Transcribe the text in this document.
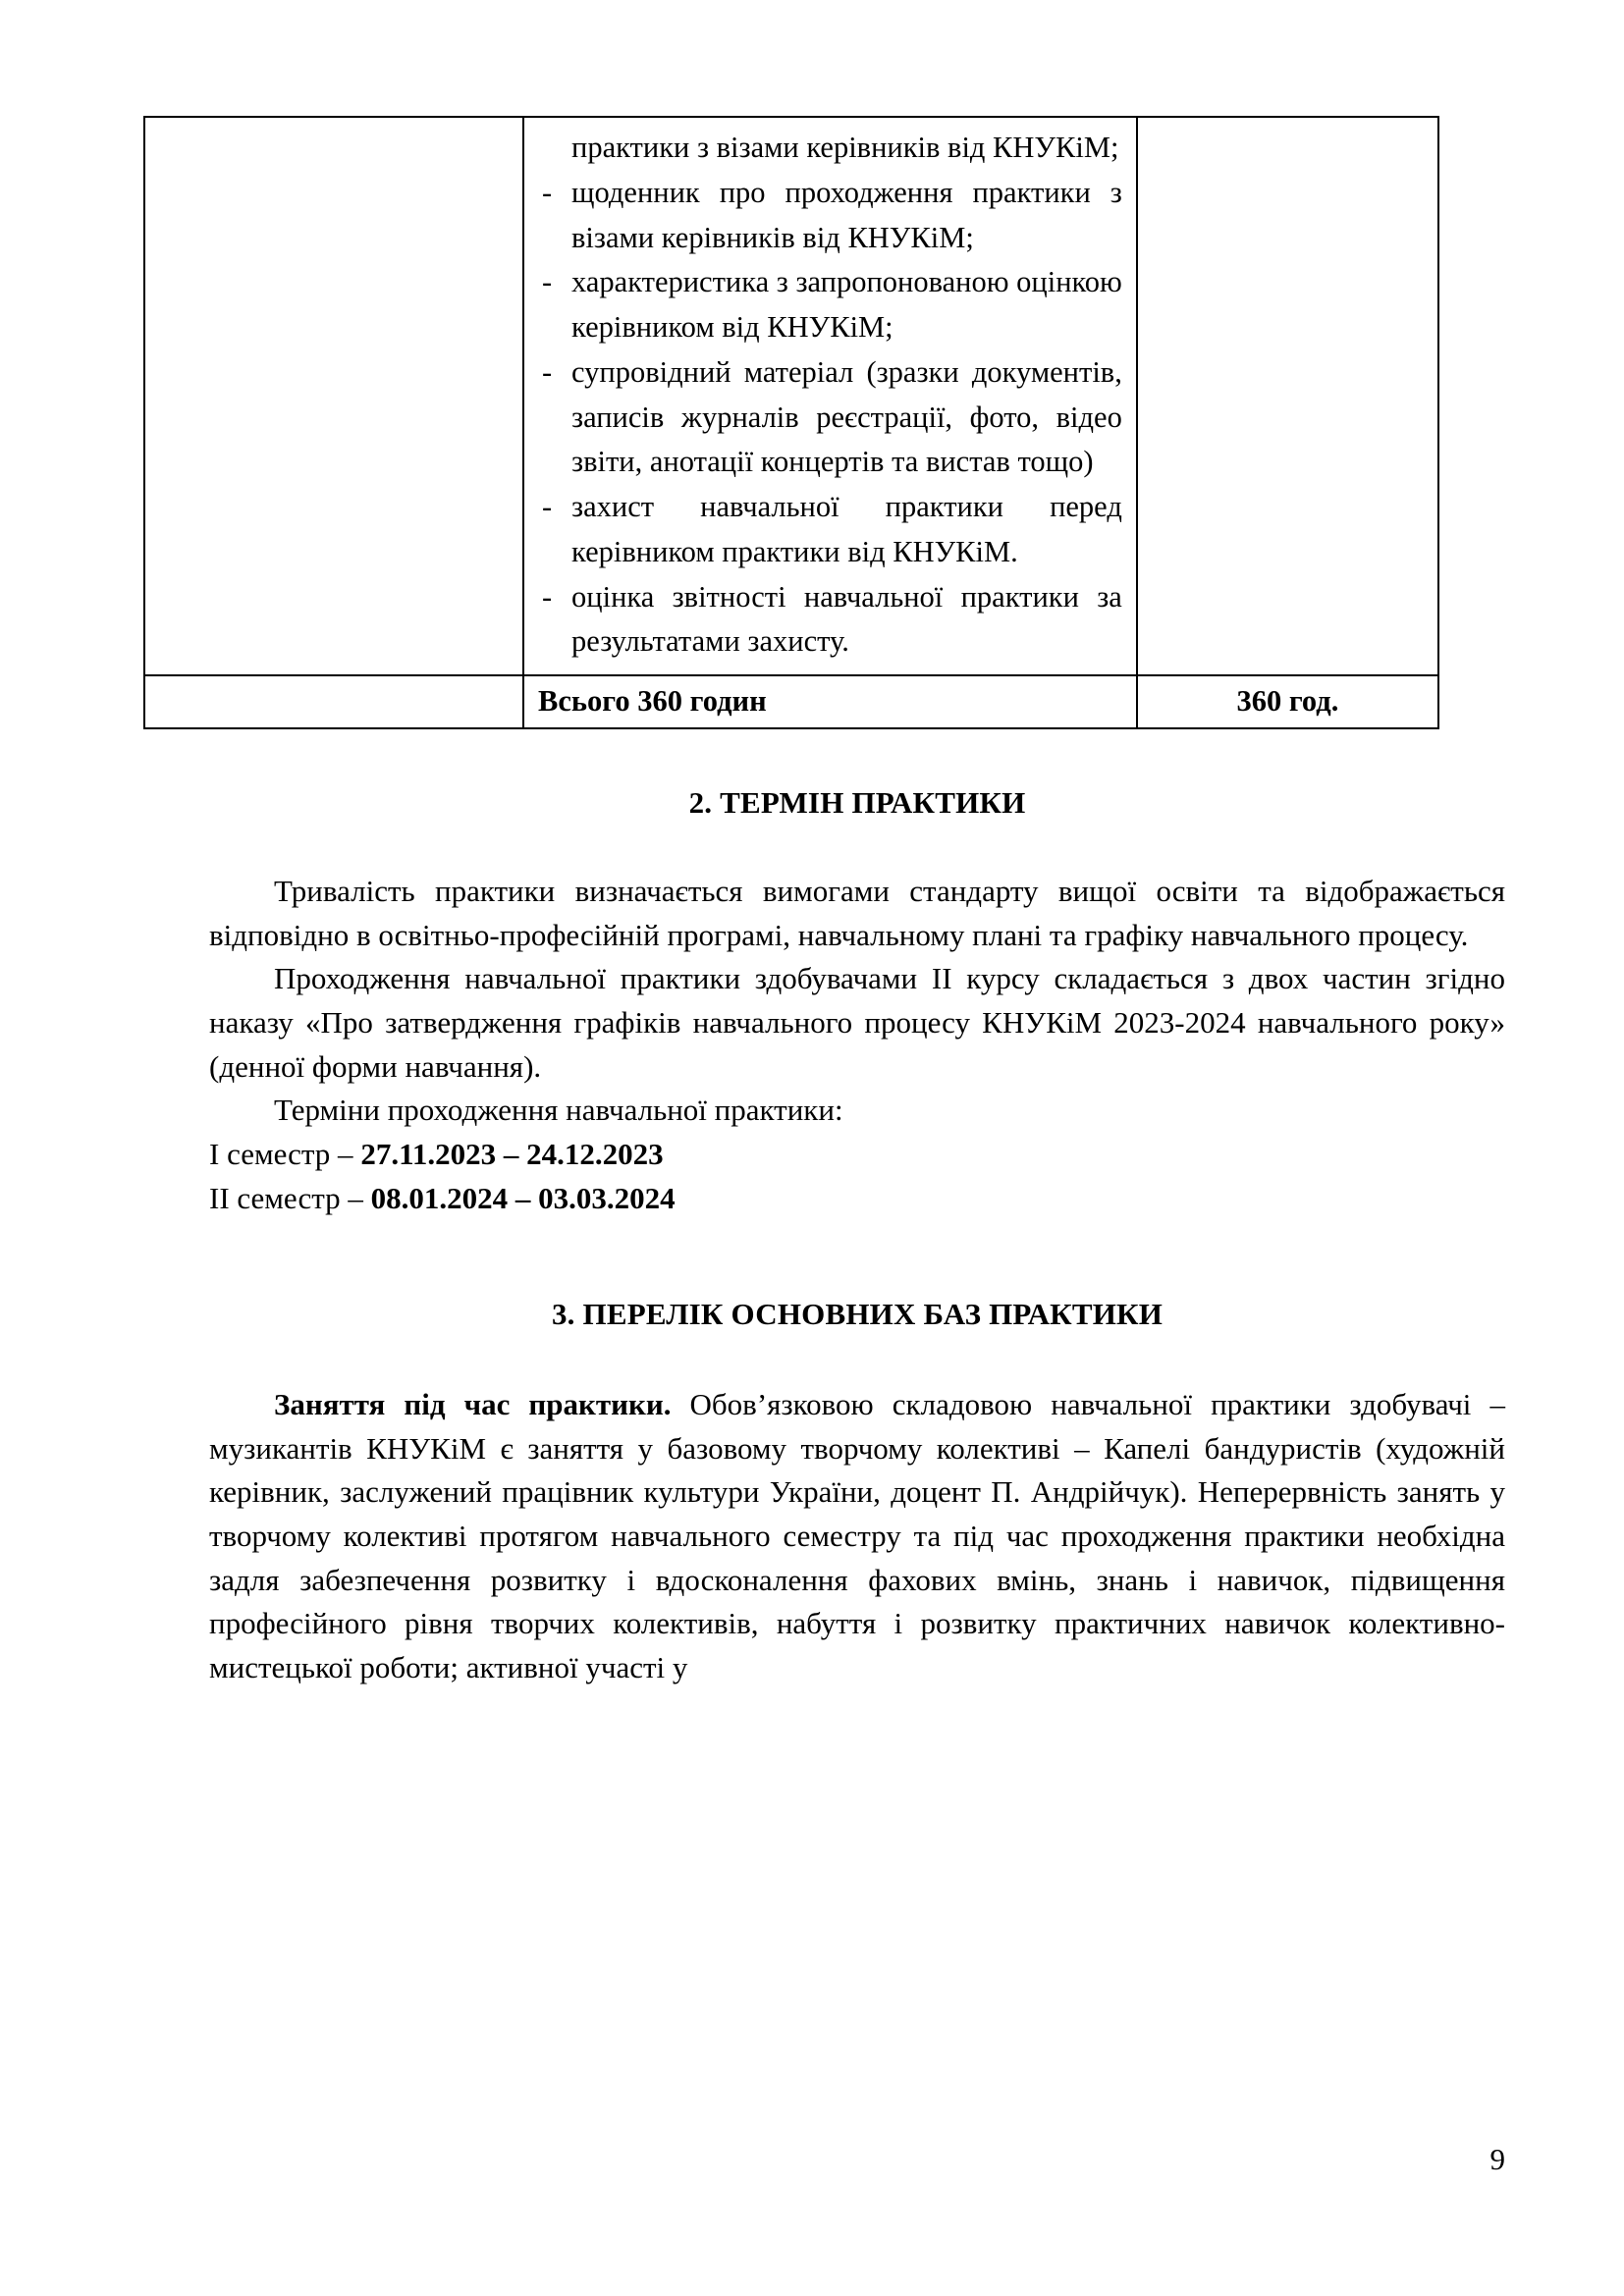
практики з візами керівників від КНУКіМ;
- щоденник про проходження практики з візами керівників від КНУКіМ;
- характеристика з запропонованою оцінкою керівником від КНУКіМ;
- супровідний матеріал (зразки документів, записів журналів реєстрації, фото, відео звіти, анотації концертів та вистав тощо)
- захист навчальної практики перед керівником практики від КНУКіМ.
- оцінка звітності навчальної практики за результатами захисту.

	Всього 360 годин	360 год.
2. ТЕРМІН ПРАКТИКИ

Тривалість практики визначається вимогами стандарту вищої освіти та відображається відповідно в освітньо-професійній програмі, навчальному плані та графіку навчального процесу.

Проходження навчальної практики здобувачами ІІ курсу складається з двох частин згідно наказу «Про затвердження графіків навчального процесу КНУКіМ 2023-2024 навчального року» (денної форми навчання).

Терміни проходження навчальної практики:

І семестр – 27.11.2023 – 24.12.2023

ІІ семестр – 08.01.2024 – 03.03.2024

3. ПЕРЕЛІК ОСНОВНИХ БАЗ ПРАКТИКИ

Заняття під час практики. Обов’язковою складовою навчальної практики здобувачі – музикантів КНУКіМ є заняття у базовому творчому колективі – Капелі бандуристів (художній керівник, заслужений працівник культури України, доцент П. Андрійчук). Неперервність занять у творчому колективі протягом навчального семестру та під час проходження практики необхідна задля забезпечення розвитку і вдосконалення фахових вмінь, знань і навичок, підвищення професійного рівня творчих колективів, набуття і розвитку практичних навичок колективно-мистецької роботи; активної участі у

9
